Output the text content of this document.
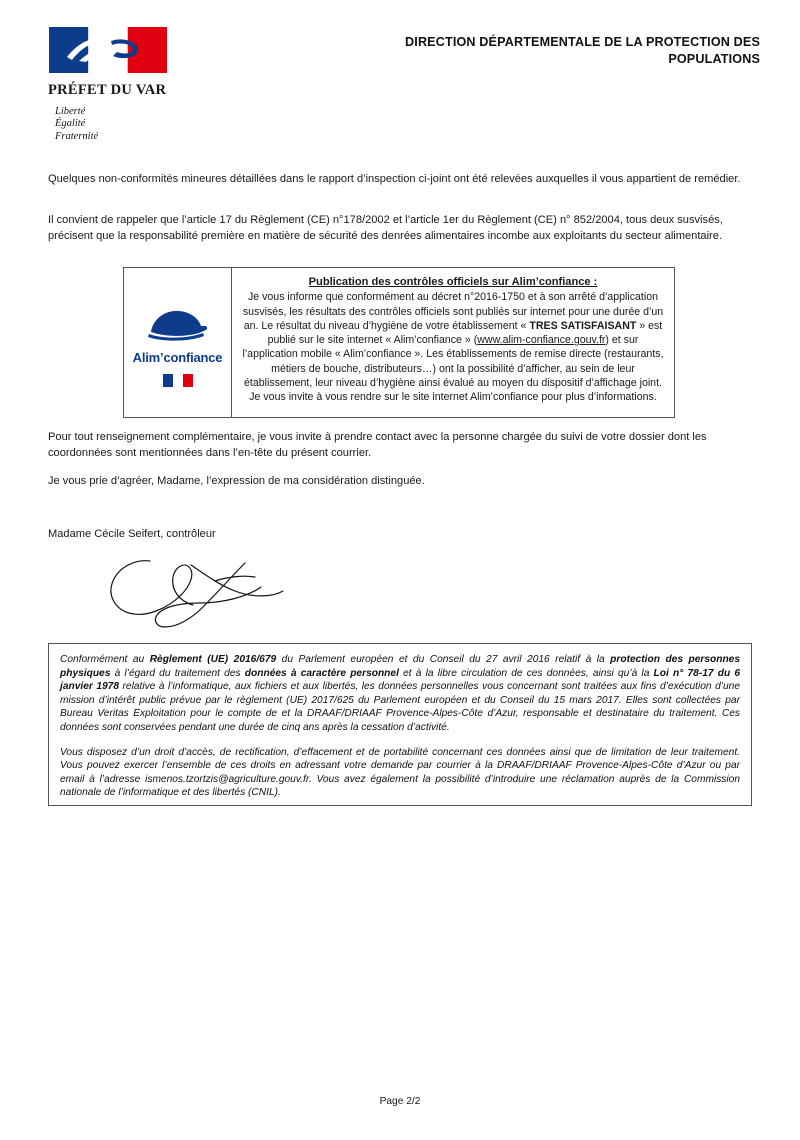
PRÉFET DU VAR
Liberté
Égalité
Fraternité
DIRECTION DÉPARTEMENTALE DE LA PROTECTION DES POPULATIONS
Quelques non-conformités mineures détaillées dans le rapport d’inspection ci-joint ont été relevées auxquelles il vous appartient de remédier.
Il convient de rappeler que l’article 17 du Règlement (CE) n°178/2002 et l’article 1er du Règlement (CE) n° 852/2004, tous deux susvisés, précisent que la responsabilité première en matière de sécurité des denrées alimentaires incombe aux exploitants du secteur alimentaire.
Alim’confiance
Publication des contrôles officiels sur Alim’confiance :
Je vous informe que conformément au décret n°2016-1750 et à son arrêté d’application susvisés, les résultats des contrôles officiels sont publiés sur internet pour une durée d’un an. Le résultat du niveau d’hygiène de votre établissement « TRES SATISFAISANT » est publié sur le site internet « Alim’confiance » (www.alim-confiance.gouv.fr) et sur l’application mobile « Alim’confiance ». Les établissements de remise directe (restaurants, métiers de bouche, distributeurs…) ont la possibilité d’afficher, au sein de leur établissement, leur niveau d’hygiène ainsi évalué au moyen du dispositif d’affichage joint. Je vous invite à vous rendre sur le site internet Alim’confiance pour plus d’informations.
Pour tout renseignement complémentaire, je vous invite à prendre contact avec la personne chargée du suivi de votre dossier dont les coordonnées sont mentionnées dans l’en-tête du présent courrier.
Je vous prie d’agréer, Madame, l’expression de ma considération distinguée.
Madame Cécile Seifert, contrôleur

Conformément au Règlement (UE) 2016/679 du Parlement européen et du Conseil du 27 avril 2016 relatif à la protection des personnes physiques à l’égard du traitement des données à caractère personnel et à la libre circulation de ces données, ainsi qu’à la Loi n° 78-17 du 6 janvier 1978 relative à l’informatique, aux fichiers et aux libertés, les données personnelles vous concernant sont traitées aux fins d’exécution d’une mission d’intérêt public prévue par le règlement (UE) 2017/625 du Parlement européen et du Conseil du 15 mars 2017. Elles sont collectées par Bureau Veritas Exploitation pour le compte de et la DRAAF/DRIAAF Provence-Alpes-Côte d’Azur, responsable et destinataire du traitement. Ces données sont conservées pendant une durée de cinq ans après la cessation d’activité.

Vous disposez d’un droit d’accès, de rectification, d’effacement et de portabilité concernant ces données ainsi que de limitation de leur traitement. Vous pouvez exercer l’ensemble de ces droits en adressant votre demande par courrier à la DRAAF/DRIAAF Provence-Alpes-Côte d’Azur ou par email à l’adresse ismenos.tzortzis@agriculture.gouv.fr. Vous avez également la possibilité d’introduire une réclamation auprès de la Commission nationale de l’informatique et des libertés (CNIL).

Page 2/2
